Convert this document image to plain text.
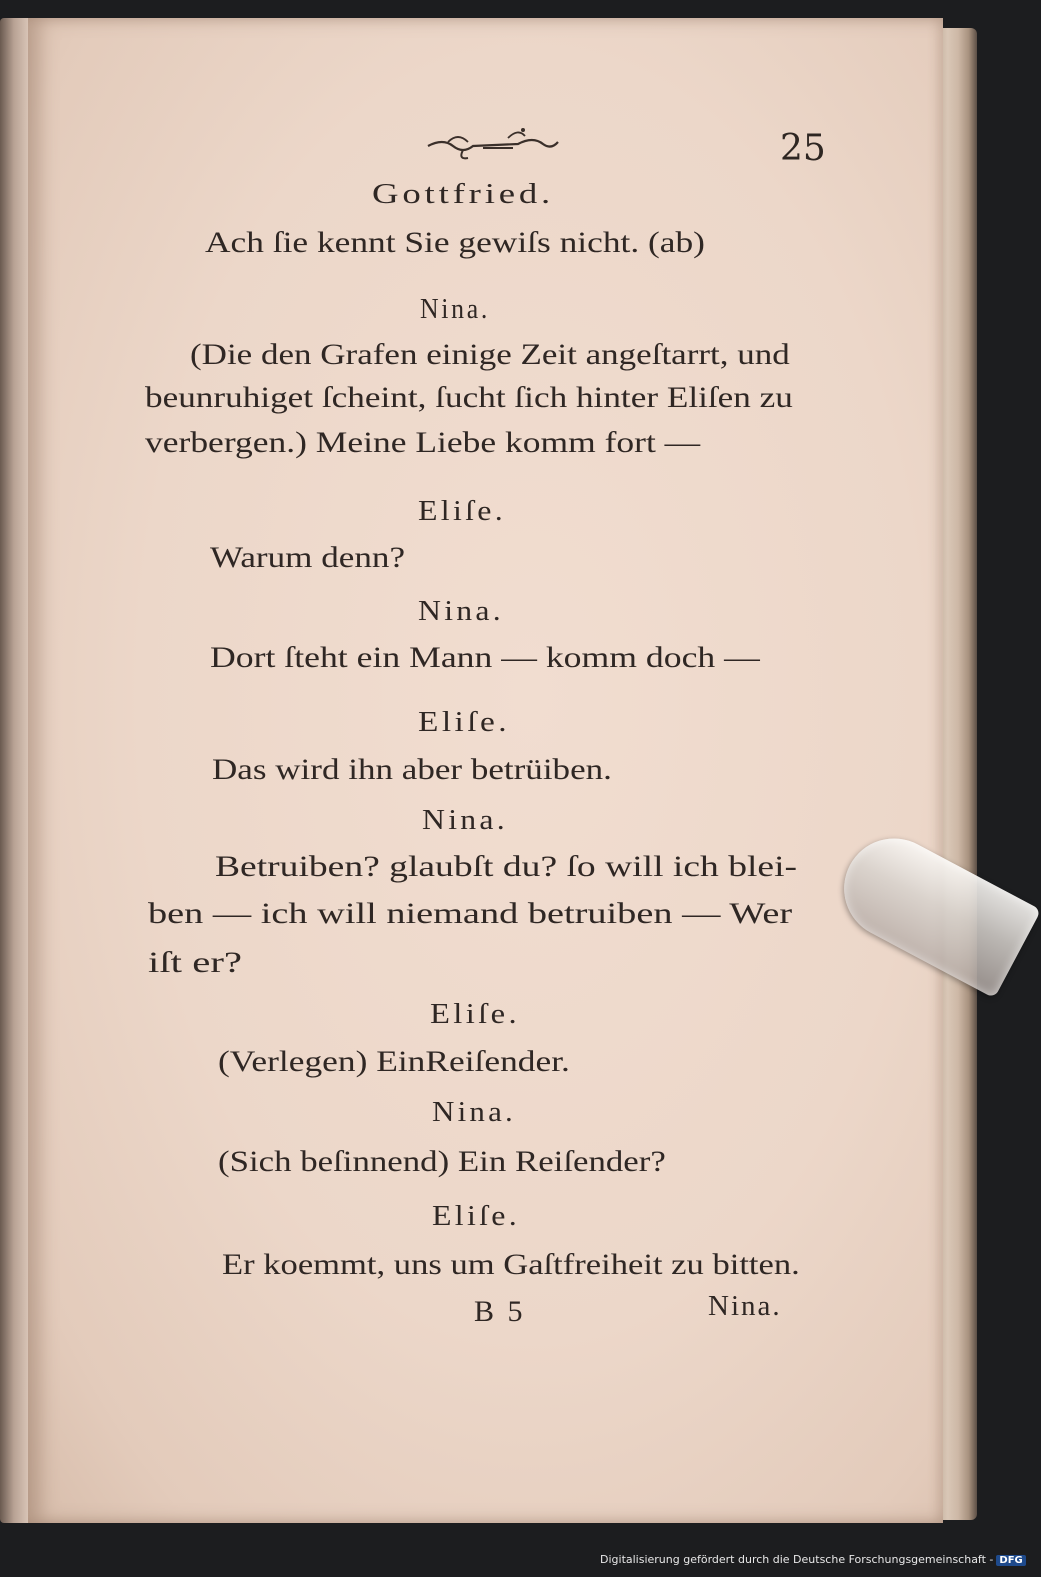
25
Gottfried.
Ach ſie kennt Sie gewiſs nicht. (ab)
Nina.
(Die den Grafen einige Zeit angeſtarrt, und
beunruhiget ſcheint, ſucht ſich hinter Eliſen zu
verbergen.) Meine Liebe komm fort —
Eliſe.
Warum denn?
Nina.
Dort ſteht ein Mann — komm doch —
Eliſe.
Das wird ihn aber betrüiben.
Nina.
Betruiben? glaubſt du? ſo will ich blei-
ben — ich will niemand betruiben — Wer
iſt er?
Eliſe.
(Verlegen) EinReiſender.
Nina.
(Sich beſinnend) Ein Reiſender?
Eliſe.
Er koemmt, uns um Gaſtfreiheit zu bitten.
B 5	Nina.
Digitalisierung gefördert durch die Deutsche Forschungsgemeinschaft - DFG
